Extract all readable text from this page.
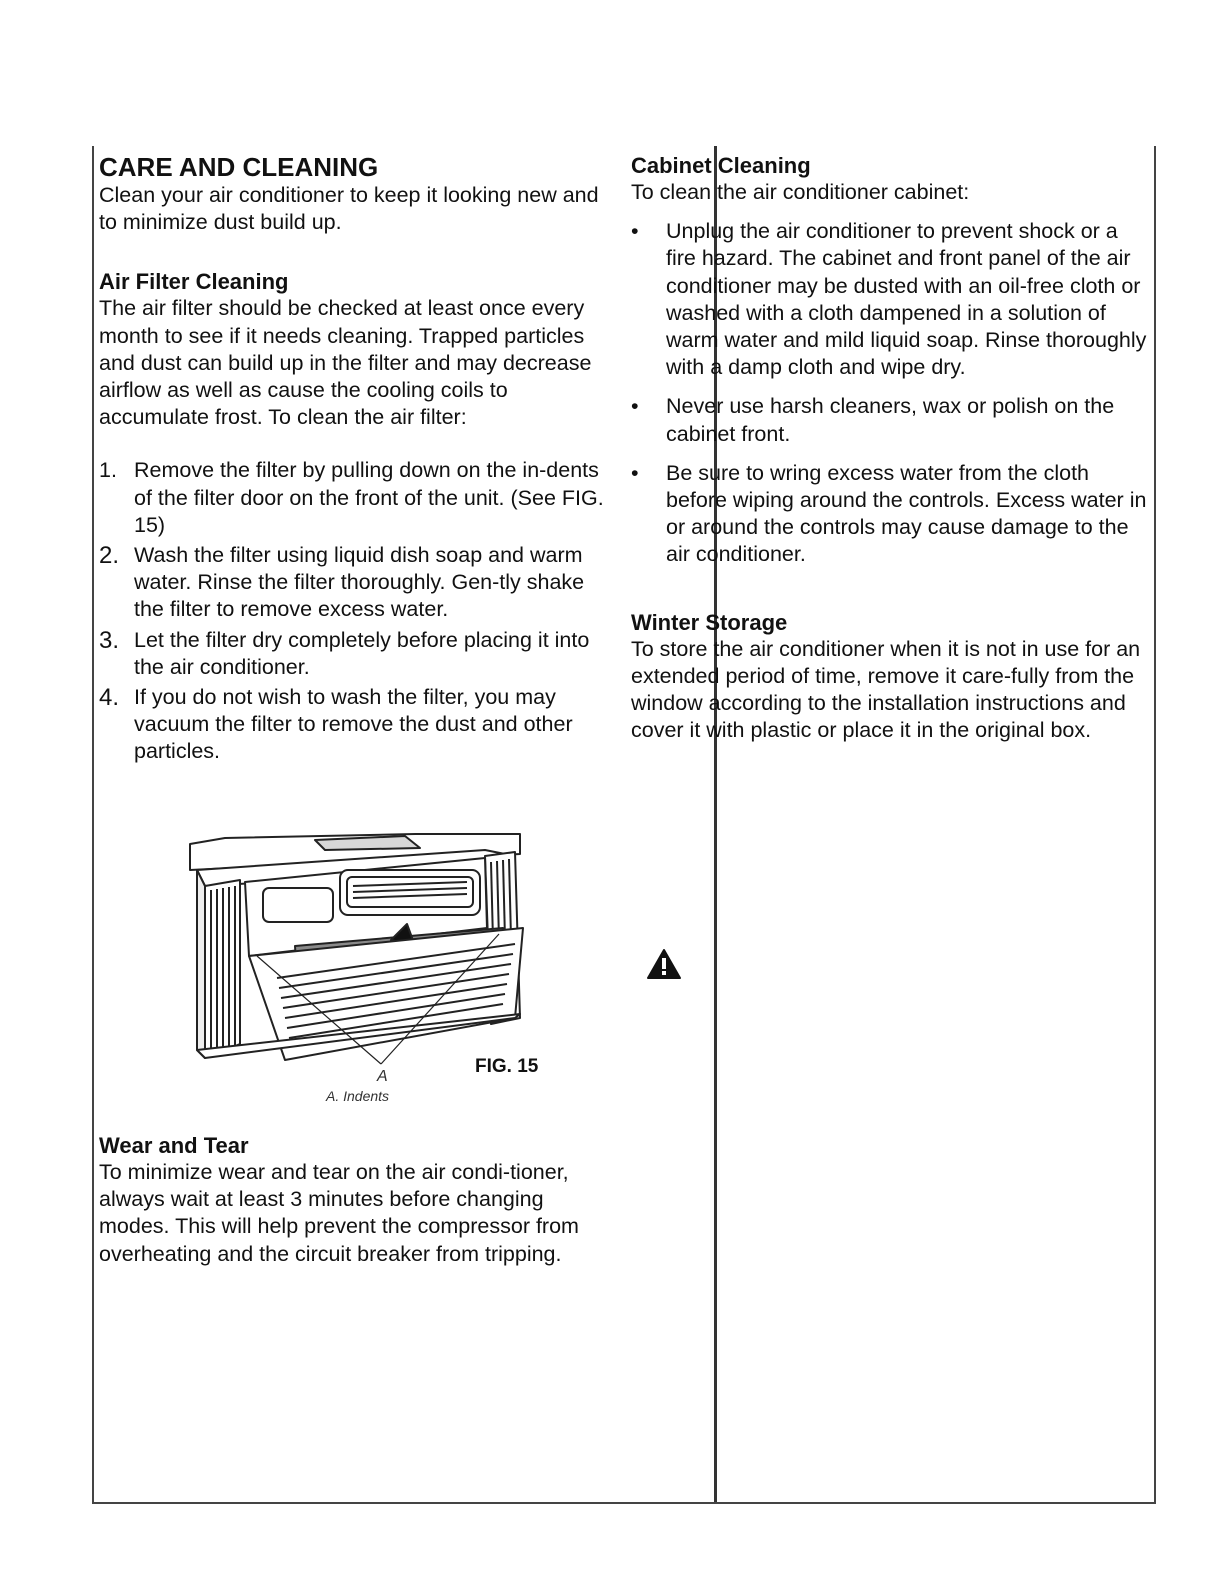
CARE AND CLEANING

Clean your air conditioner to keep it looking new and to minimize dust build up.

Air Filter Cleaning

The air filter should be checked at least once every month to see if it needs cleaning. Trapped particles and dust can build up in the filter and may decrease airflow as well as cause the cooling coils to accumulate frost. To clean the air filter:

1. Remove the filter by pulling down on the in-dents of the filter door on the front of the unit. (See FIG. 15)
2. Wash the filter using liquid dish soap and warm water. Rinse the filter thoroughly. Gen-tly shake the filter to remove excess water.
3. Let the filter dry completely before placing it into the air conditioner.
4. If you do not wish to wash the filter, you may vacuum the filter to remove the dust and other particles.
FIG. 15
A
A. Indents
Wear and Tear

To minimize wear and tear on the air condi-tioner, always wait at least 3 minutes before changing modes. This will help prevent the compressor from overheating and the circuit breaker from tripping.

Cabinet Cleaning

To clean the air conditioner cabinet:

• Unplug the air conditioner to prevent shock or a fire hazard. The cabinet and front panel of the air conditioner may be dusted with an oil-free cloth or washed with a cloth dampened in a solution of warm water and mild liquid soap. Rinse thoroughly with a damp cloth and wipe dry.
• Never use harsh cleaners, wax or polish on the cabinet front.
• Be sure to wring excess water from the cloth before wiping around the controls. Excess water in or around the controls may cause damage to the air conditioner.
Winter Storage

To store the air conditioner when it is not in use for an extended period of time, remove it care-fully from the window according to the installation instructions and cover it with plastic or place it in the original box.
